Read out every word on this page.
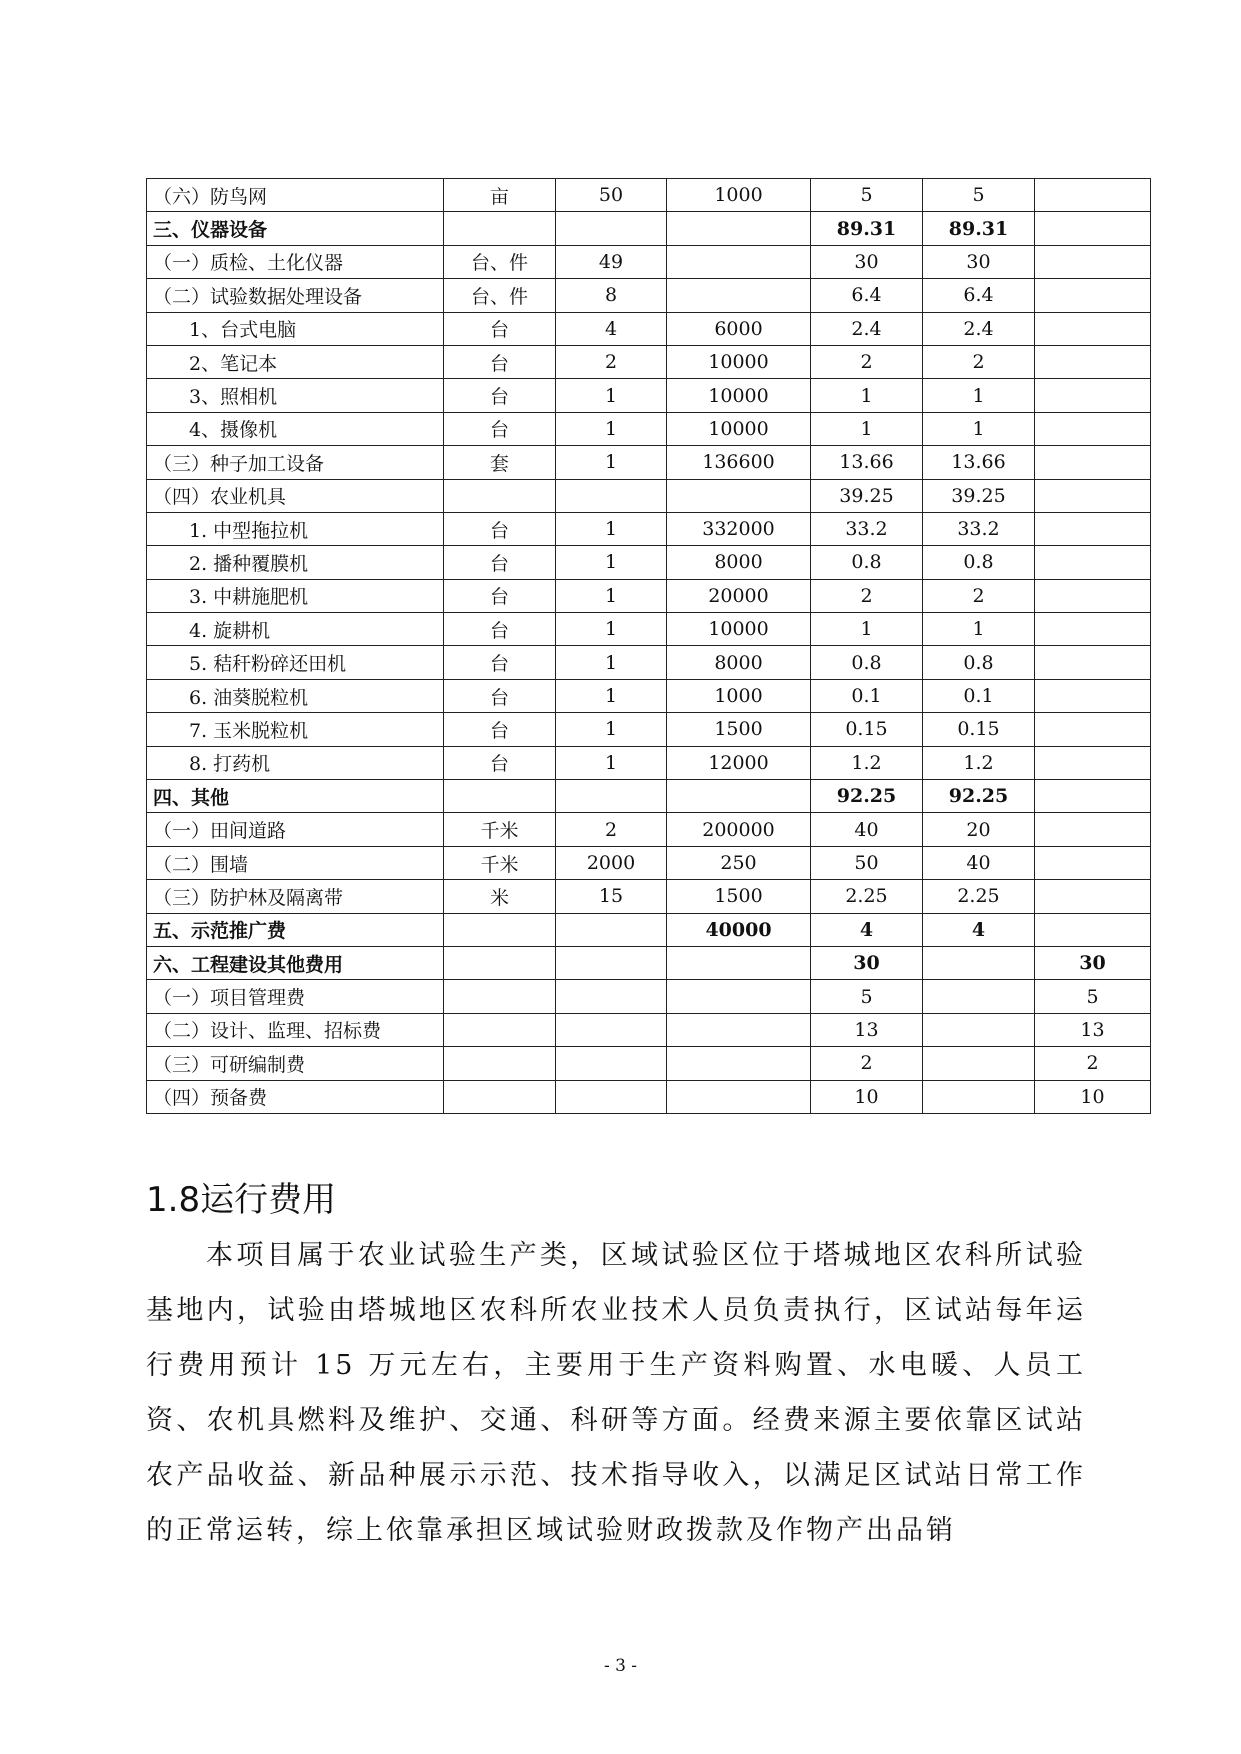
（六）防鸟网	亩	50	1000	5	5	
三、仪器设备				89.31	89.31	
（一）质检、土化仪器	台、件	49		30	30	
（二）试验数据处理设备	台、件	8		6.4	6.4	
1、台式电脑	台	4	6000	2.4	2.4	
2、笔记本	台	2	10000	2	2	
3、照相机	台	1	10000	1	1	
4、摄像机	台	1	10000	1	1	
（三）种子加工设备	套	1	136600	13.66	13.66	
（四）农业机具				39.25	39.25	
1. 中型拖拉机	台	1	332000	33.2	33.2	
2. 播种覆膜机	台	1	8000	0.8	0.8	
3. 中耕施肥机	台	1	20000	2	2	
4. 旋耕机	台	1	10000	1	1	
5. 秸秆粉碎还田机	台	1	8000	0.8	0.8	
6. 油葵脱粒机	台	1	1000	0.1	0.1	
7. 玉米脱粒机	台	1	1500	0.15	0.15	
8. 打药机	台	1	12000	1.2	1.2	
四、其他				92.25	92.25	
（一）田间道路	千米	2	200000	40	20	
（二）围墙	千米	2000	250	50	40	
（三）防护林及隔离带	米	15	1500	2.25	2.25	
五、示范推广费			40000	4	4	
六、工程建设其他费用				30		30
（一）项目管理费				5		5
（二）设计、监理、招标费				13		13
（三）可研编制费				2		2
（四）预备费				10		10
1.8运行费用

本项目属于农业试验生产类，区域试验区位于塔城地区农科所试验基地内，试验由塔城地区农科所农业技术人员负责执行，区试站每年运行费用预计 15 万元左右，主要用于生产资料购置、水电暖、人员工资、农机具燃料及维护、交通、科研等方面。经费来源主要依靠区试站农产品收益、新品种展示示范、技术指导收入，以满足区试站日常工作的正常运转，综上依靠承担区域试验财政拨款及作物产出品销

- 3 -
